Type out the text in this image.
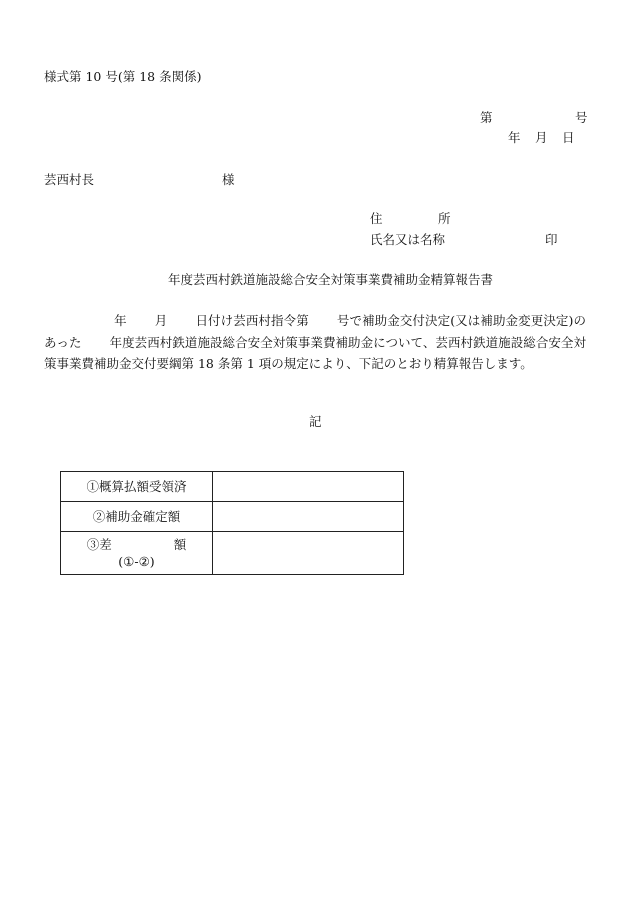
様式第 10 号(第 18 条関係)
第	号
年 月 日
芸西村長	様
住	所
氏名又は名称	印
年度芸西村鉄道施設総合安全対策事業費補助金精算報告書
年 月 日付け芸西村指令第 号で補助金交付決定(又は補助金変更決定)のあった 年度芸西村鉄道施設総合安全対策事業費補助金について、芸西村鉄道施設総合安全対策事業費補助金交付要綱第 18 条第 1 項の規定により、下記のとおり精算報告します。
記
①概算払額受領済	
②補助金確定額	

③差 額
(①-②)	
